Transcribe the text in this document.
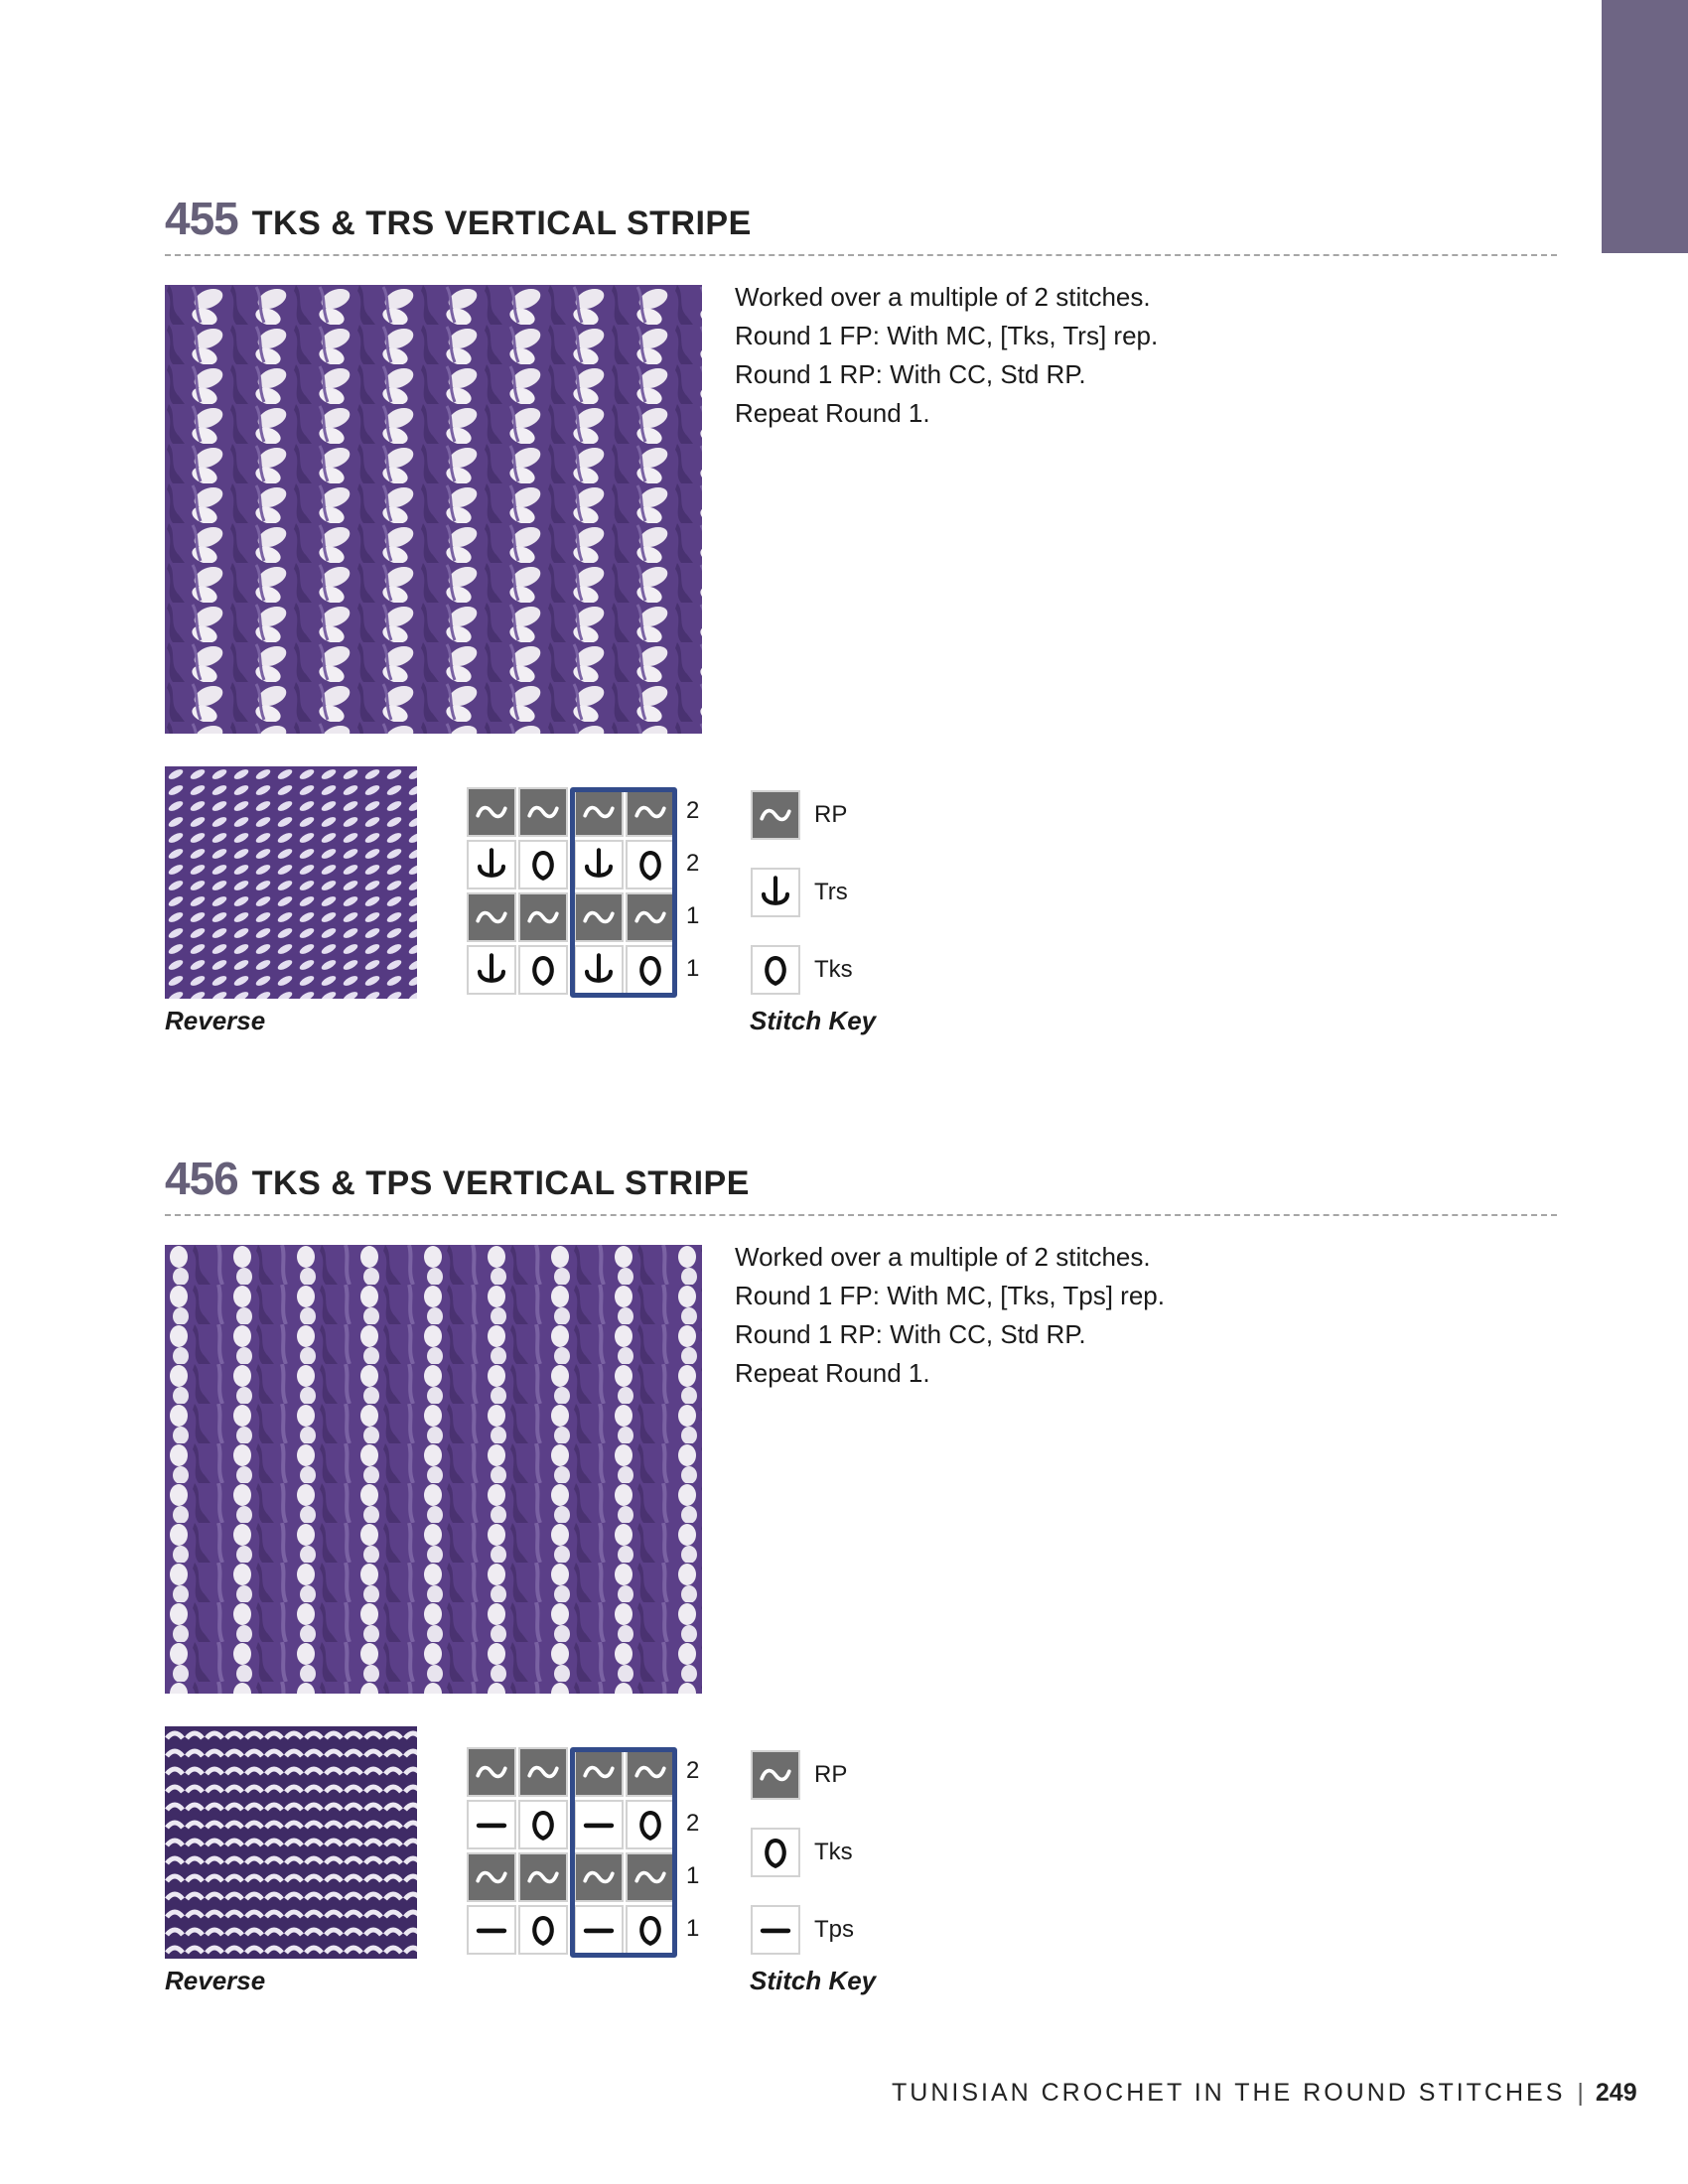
455 TKS & TRS VERTICAL STRIPE
Worked over a multiple of 2 stitches.
Round 1 FP: With MC, [Tks, Trs] rep.
Round 1 RP: With CC, Std RP.
Repeat Round 1.
Reverse
2
2
1
1
RP
Trs
Tks
Stitch Key
456 TKS & TPS VERTICAL STRIPE
Worked over a multiple of 2 stitches.
Round 1 FP: With MC, [Tks, Tps] rep.
Round 1 RP: With CC, Std RP.
Repeat Round 1.
Reverse
2
2
1
1
RP
Tks
Tps
Stitch Key
TUNISIAN CROCHET IN THE ROUND STITCHES | 249
